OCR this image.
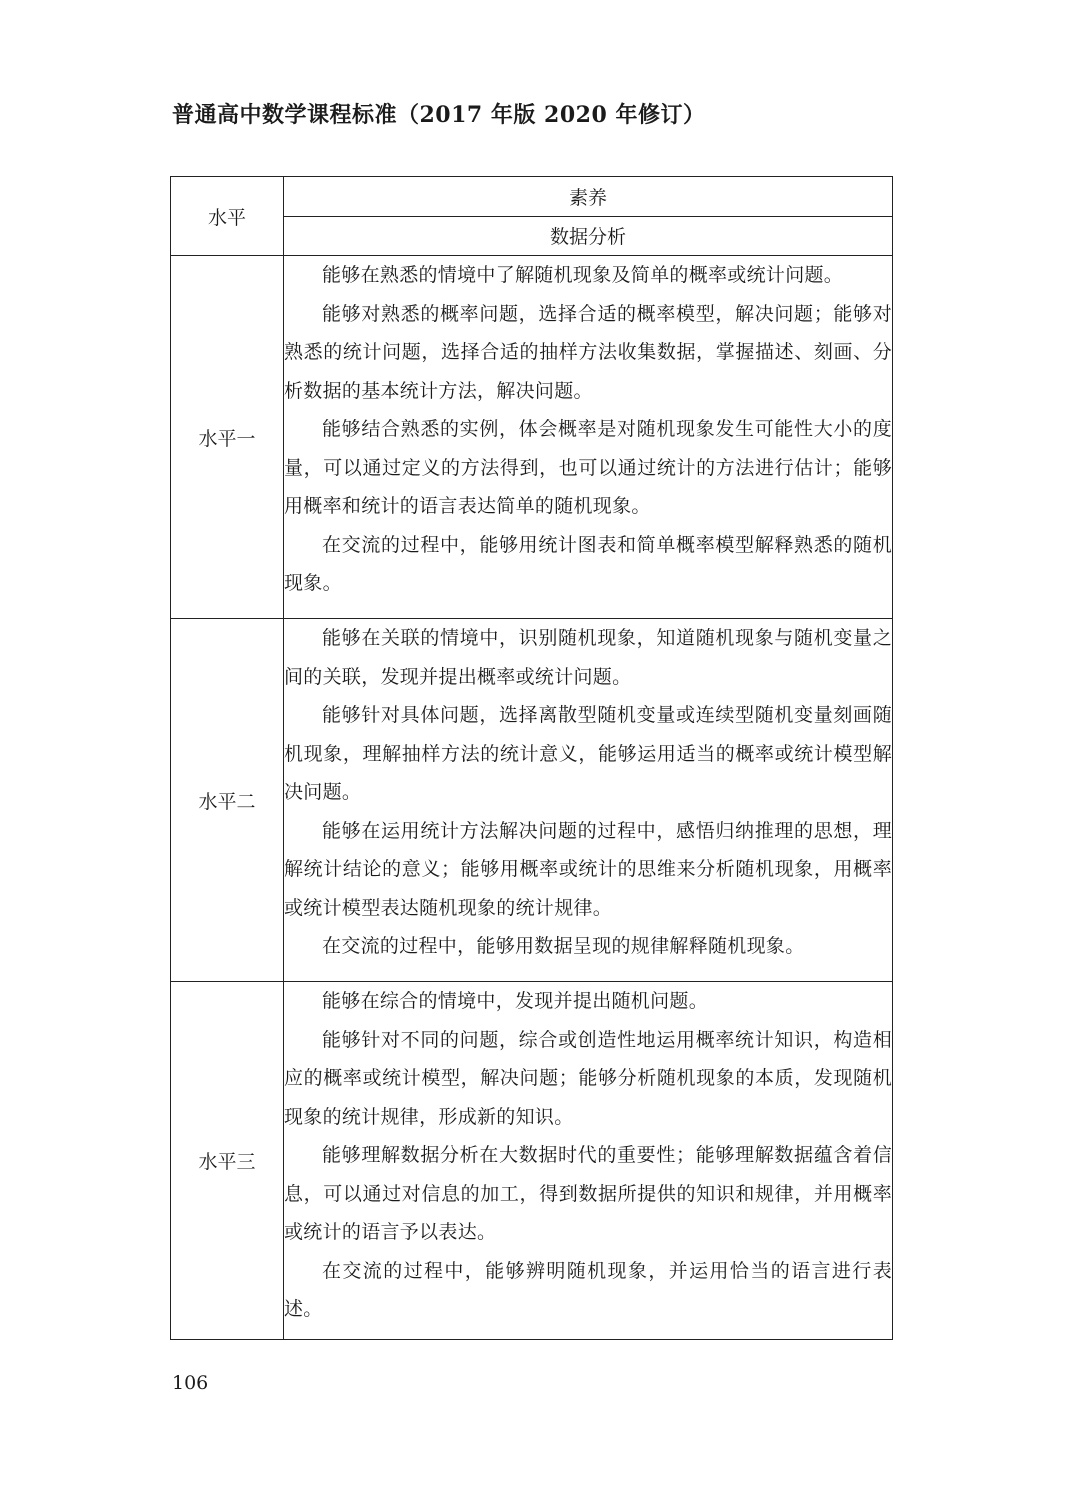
普通高中数学课程标准（2017 年版 2020 年修订）
水平	素养
	数据分析
水平一	能够在熟悉的情境中了解随机现象及简单的概率或统计问题。

能够对熟悉的概率问题，选择合适的概率模型，解决问题；能够对熟悉的统计问题，选择合适的抽样方法收集数据，掌握描述、刻画、分析数据的基本统计方法，解决问题。

能够结合熟悉的实例，体会概率是对随机现象发生可能性大小的度量，可以通过定义的方法得到，也可以通过统计的方法进行估计；能够用概率和统计的语言表达简单的随机现象。

在交流的过程中，能够用统计图表和简单概率模型解释熟悉的随机现象。

水平二	能够在关联的情境中，识别随机现象，知道随机现象与随机变量之间的关联，发现并提出概率或统计问题。

能够针对具体问题，选择离散型随机变量或连续型随机变量刻画随机现象，理解抽样方法的统计意义，能够运用适当的概率或统计模型解决问题。

能够在运用统计方法解决问题的过程中，感悟归纳推理的思想，理解统计结论的意义；能够用概率或统计的思维来分析随机现象，用概率或统计模型表达随机现象的统计规律。

在交流的过程中，能够用数据呈现的规律解释随机现象。

水平三	能够在综合的情境中，发现并提出随机问题。

能够针对不同的问题，综合或创造性地运用概率统计知识，构造相应的概率或统计模型，解决问题；能够分析随机现象的本质，发现随机现象的统计规律，形成新的知识。

能够理解数据分析在大数据时代的重要性；能够理解数据蕴含着信息，可以通过对信息的加工，得到数据所提供的知识和规律，并用概率或统计的语言予以表达。

在交流的过程中，能够辨明随机现象，并运用恰当的语言进行表述。

106
